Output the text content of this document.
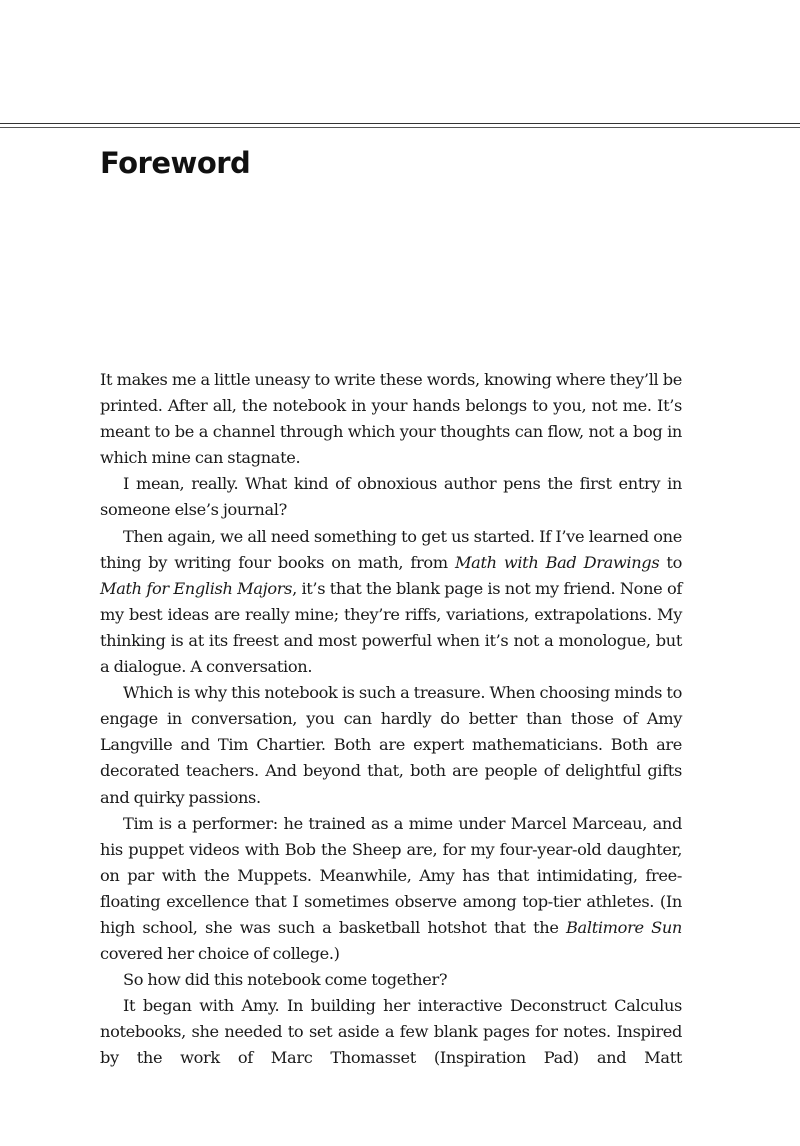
Foreword

It makes me a little uneasy to write these words, knowing where they’ll be printed. After all, the notebook in your hands belongs to you, not me. It’s meant to be a channel through which your thoughts can flow, not a bog in which mine can stagnate.

I mean, really. What kind of obnoxious author pens the first entry in someone else’s journal?

Then again, we all need something to get us started. If I’ve learned one thing by writing four books on math, from Math with Bad Drawings to Math for English Majors, it’s that the blank page is not my friend. None of my best ideas are really mine; they’re riffs, variations, extrapolations. My thinking is at its freest and most powerful when it’s not a monologue, but a dialogue. A conversation.

Which is why this notebook is such a treasure. When choosing minds to engage in conversation, you can hardly do better than those of Amy Langville and Tim Chartier. Both are expert mathematicians. Both are decorated teachers. And beyond that, both are people of delightful gifts and quirky passions.

Tim is a performer: he trained as a mime under Marcel Marceau, and his puppet videos with Bob the Sheep are, for my four-year-old daughter, on par with the Muppets. Meanwhile, Amy has that intimidating, free-floating excellence that I sometimes observe among top-tier athletes. (In high school, she was such a basketball hotshot that the Baltimore Sun covered her choice of college.)

So how did this notebook come together?

It began with Amy. In building her interactive Deconstruct Calculus notebooks, she needed to set aside a few blank pages for notes. Inspired by the work of Marc Thomasset (Inspiration Pad) and Matt
